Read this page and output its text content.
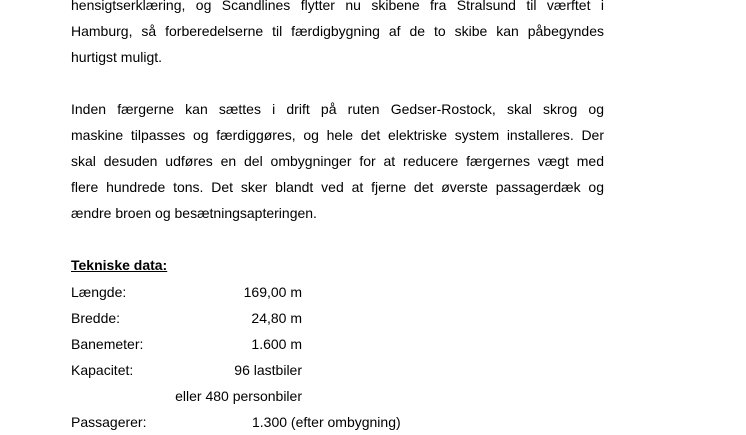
hensigtserklæring, og Scandlines flytter nu skibene fra Stralsund til værftet i
Hamburg, så forberedelserne til færdigbygning af de to skibe kan påbegyndes
hurtigst muligt.
Inden færgerne kan sættes i drift på ruten Gedser-Rostock, skal skrog og
maskine tilpasses og færdiggøres, og hele det elektriske system installeres. Der
skal desuden udføres en del ombygninger for at reducere færgernes vægt med
flere hundrede tons. Det sker blandt ved at fjerne det øverste passagerdæk og
ændre broen og besætningsapteringen.
Tekniske data:
Længde:	169,00 m
Bredde:	24,80 m
Banemeter:	1.600 m
Kapacitet:	96 lastbiler
eller 480 personbiler
Passagerer:	1.300 (efter ombygning)
